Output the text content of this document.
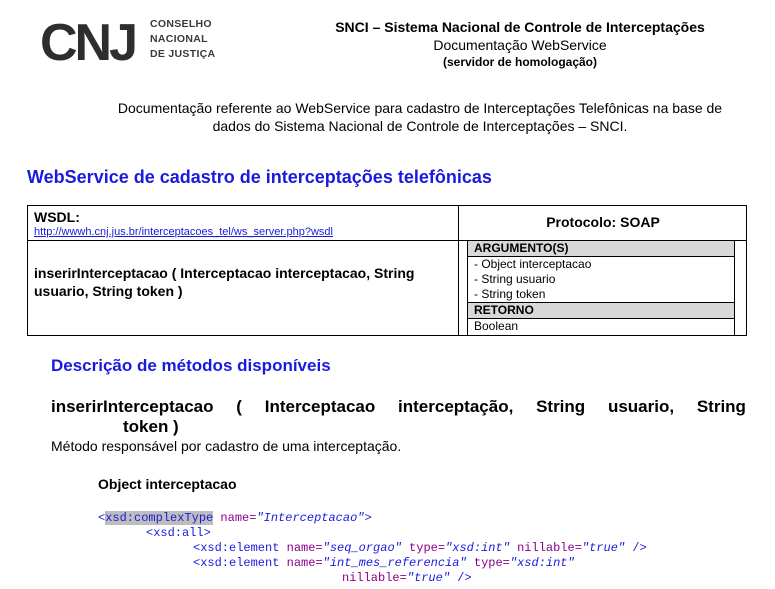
CNJ CONSELHO
NACIONAL
DE JUSTIÇA
SNCI – Sistema Nacional de Controle de Interceptações
Documentação WebService
(servidor de homologação)
Documentação referente ao WebService para cadastro de Interceptações Telefônicas na base de
dados do Sistema Nacional de Controle de Interceptações – SNCI.
WebService de cadastro de interceptações telefônicas
WSDL:
http://wwwh.cnj.jus.br/interceptacoes_tel/ws_server.php?wsdl
Protocolo: SOAP
inserirInterceptacao ( Interceptacao interceptacao, String usuario, String token )
ARGUMENTO(S)
- Object interceptacao
- String usuario
- String token
RETORNO
Boolean
Descrição de métodos disponíveis
inserirInterceptacao ( Interceptacao interceptação, String usuario, String
token )
Método responsável por cadastro de uma interceptação.
Object interceptacao
<xsd:complexType name="Interceptacao">
<xsd:all>
<xsd:element name="seq_orgao" type="xsd:int" nillable="true" />
<xsd:element name="int_mes_referencia" type="xsd:int"
nillable="true" />
